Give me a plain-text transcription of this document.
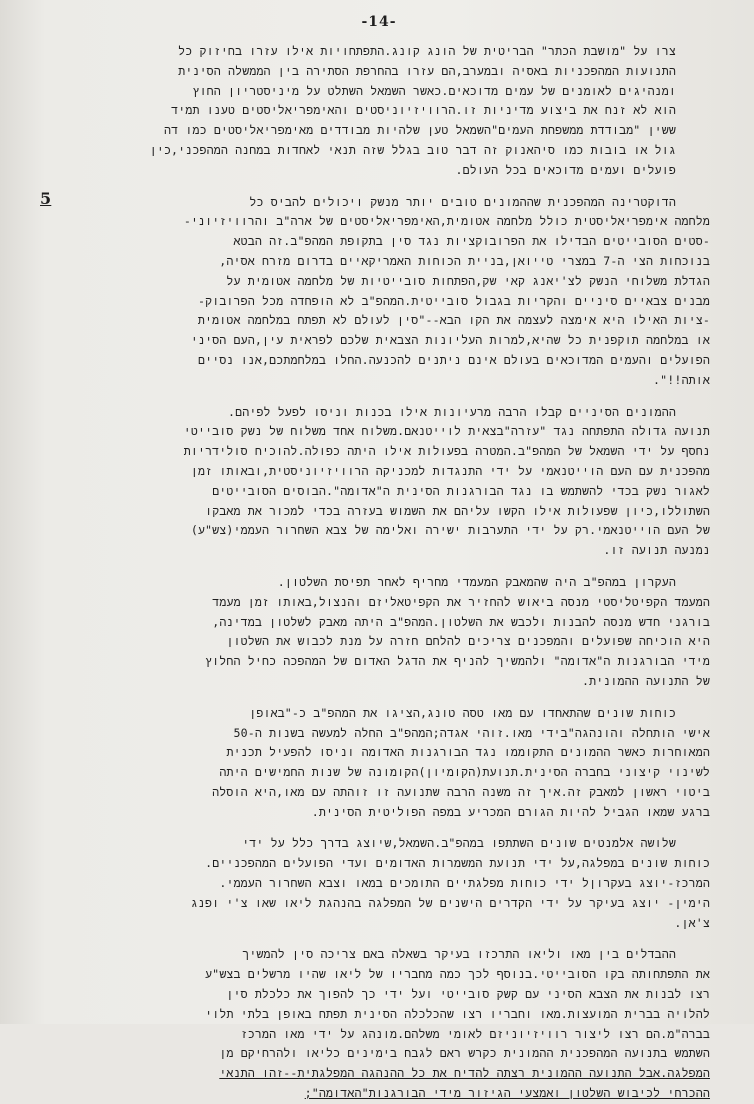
-14-
צרו על "מושבת הכתר" הבריטית של הונג קונג.התפתחויות אילו עזרו בחיזוק כל
התנועות המהפכניות באסיה ובמערב,הם עזרו בהחרפת הסתירה בין הממשלה הסינית
ומנהיגים לאומנים של עמים מדוכאים.כאשר השמאל השתלט על מיניסטריון החוץ
הוא לא זנח את ביצוע מדיניות זו.הרוויזיוניסטים והאימפריאליסטים טענו תמיד
ששין "מבודדת ממשפחת העמים"השמאל טען שלהיות מבודדים מאימפריאליסטים כמו דה
גול או בובות כמו סיהאנוק זה דבר טוב בגלל שזה תנאי לאחדות במחנה המהפכני,כין
פועלים ועמים מדוכאים בכל העולם.
5	הדוקטרינה המהפכנית שההמונים טובים יותר מנשק ויכולים להביס כל
מלחמה אימפריאליסטית כולל מלחמה אטומית,האימפריאליסטים של ארה"ב והרוויזיוני-
-סטים הסובייטים הבדילו את הפרובוקציות נגד סין בתקופת המהפ"ב.זה הבטא
בנוכחות הצי ה-7 במצרי טייואן,בניית הכוחות האמריקאיים בדרום מזרח אסיה,
הגדלת משלוחי הנשק לצ'יאנג קאי שק,הפתחות סובייטיות של מלחמה אטומית על
מבנים צבאיים סיניים והקריות בגבול סובייטית.המהפ"ב לא הופחדה מכל הפרובוק-
-ציות האילו היא אימצה לעצמה את הקו הבא--"סין לעולם לא תפתח במלחמה אטומית
או במלחמה תוקפנית כל שהיא,למרות העליונות הצבאית שלכם לפראית עין,העם הסיני
הפועלים והעמים המדוכאים בעולם אינם ניתנים להכנעה.החלו במלחמתכם,אנו נסיים
אותה!!".
ההמונים הסיניים קבלו הרבה מרעיונות אילו בכנות וניסו לפעל לפיהם.
תנועה גדולה התפתחה נגד "עזרה"בצאית לוייטנאם.משלוח אחד משלוח של נשק סובייטי
נחסף על ידי השמאל של המהפ"ב.המטרה בפעולות אילו היתה כפולה.להוכיח סולידריות
מהפכנית עם העם הוייטנאמי על ידי התנגדות למכניקה הרוויזיוניסטית,ובאותו זמן
לאגור נשק בכדי להשתמש בו נגד הבורגנות הסינית ה"אדומה".הבוסים הסובייטים
השתוללו,כיון שפעולות אילו הקשו עליהם את השמוש בעזרה בכדי למכור את מאבקו
של העם הוייטנאמי.רק על ידי התערבות ישירה ואלימה של צבא השחרור העממי(צש"ע)
נמנעה תנועה זו.
העקרון במהפ"ב היה שהמאבק המעמדי מחריף לאחר תפיסת השלטון.
המעמד הקפיטליסטי מנסה ביאוש להחזיר את הקפיטאליזם והנצול,באותו זמן מעמד
בורגני חדש מנסה להבנות ולכבש את השלטון.המהפ"ב היתה מאבק לשלטון במדינה,
היא הוכיחה שפועלים והמפכנים צריכים להלחם חזרה על מנת לכבוש את השלטון
מידי הבורגנות ה"אדומה" ולהמשיך להניף את הדגל האדום של המהפכה כחיל החלוץ
של התנועה ההמונית.
כוחות שונים שהתאחדו עם מאו טסה טונג,הציגו את המהפ"ב כ-"באופן
אישי הותחלה והונהגה"בידי מאו.זוהי אגדה;המהפ"ב החלה למעשה בשנות ה-50
המאוחרות כאשר ההמונים התקוממו נגד הבורגנות האדומה וניסו להפעיל תכנית
לשינוי קיצוני בחברה הסינית.תנועת(הקומיון)הקומונה של שנות החמישים היתה
ביטוי ראשון למאבק זה.איך זה משנה הרבה שתנועה זו זוהתה עם מאו,היא הוסלה
ברגע שמאו הגביל להיות הגורם המכריע במפה הפוליטית הסינית.
שלושה אלמנטים שונים השתתפו במהפ"ב.השמאל,שיוצג בדרך כלל על ידי
כוחות שונים במפלגה,על ידי תנועת המשמרות האדומים ועדי הפועלים המהפכניים.
המרכז-יוצג בעקרוןל ידי כוחות מפלגתיים התומכים במאו וצבא השחרור העממי.
הימין- יוצג בעיקר על ידי הקדרים הישנים של המפלגה בהנהגת ליאו שאו צ'י ופנג
צ'אן.
ההבדלים בין מאו וליאו התרכזו בעיקר בשאלה באם צריכה סין להמשיך
את התפתחותה בקו הסובייטי.בנוסף לכך כמה מחבריו של ליאו שהיו מרשלים בצש"ע
רצו לבנות את הצבא הסיני עם קשק סובייטי ועל ידי כך להפוך את כלכלת סין
להלויה בברית המועצות.מאו וחבריו רצו שהכלכלה הסינית תפתח באופן בלתי תלוי
בברה"מ.הם רצו ליצור רוויזיוניזם לאומי משלהם.מונהג על ידי מאו המרכז
השתמש בתנועה המהפכנית ההמונית כקרש ראם לגבח בימינים כליאו ולהרחיקם מן
המפלגה.אבל התנועה ההמונית רצתה להדיח את כל ההנהגה המפלגתית--זהו התנאי
ההכרחי לכיבוש השלטון ואמצעי הגיזור מידי הבורגנות"האדומה";
